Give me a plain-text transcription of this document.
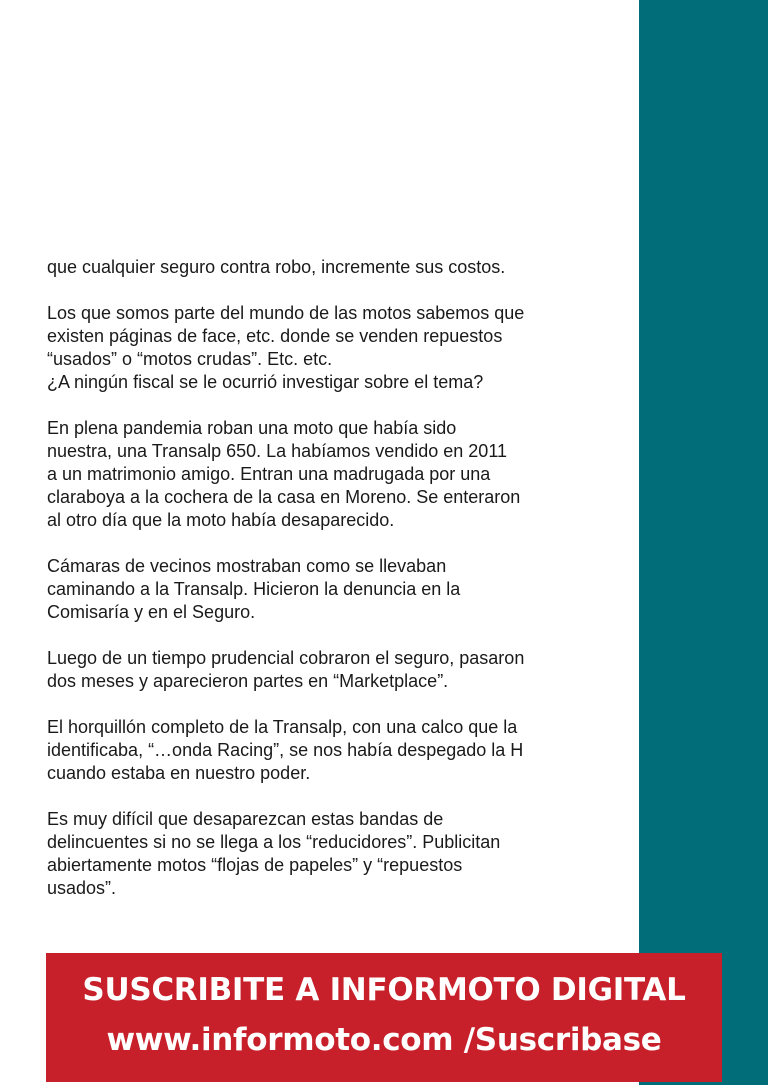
que cualquier seguro contra robo, incremente sus costos.

Los que somos parte del mundo de las motos sabemos que
existen páginas de face, etc. donde se venden repuestos
“usados” o “motos crudas”. Etc. etc.
¿A ningún fiscal se le ocurrió investigar sobre el tema?

En plena pandemia roban una moto que había sido
nuestra, una Transalp 650. La habíamos vendido en 2011
a un matrimonio amigo. Entran una madrugada por una
claraboya a la cochera de la casa en Moreno. Se enteraron
al otro día que la moto había desaparecido.

Cámaras de vecinos mostraban como se llevaban
caminando a la Transalp. Hicieron la denuncia en la
Comisaría y en el Seguro.

Luego de un tiempo prudencial cobraron el seguro, pasaron
dos meses y aparecieron partes en “Marketplace”.

El horquillón completo de la Transalp, con una calco que la
identificaba, “…onda Racing”, se nos había despegado la H
cuando estaba en nuestro poder.

Es muy difícil que desaparezcan estas bandas de
delincuentes si no se llega a los “reducidores”. Publicitan
abiertamente motos “flojas de papeles” y “repuestos
usados”.

SUSCRIBITE A INFORMOTO DIGITAL
www.informoto.com /Suscribase
